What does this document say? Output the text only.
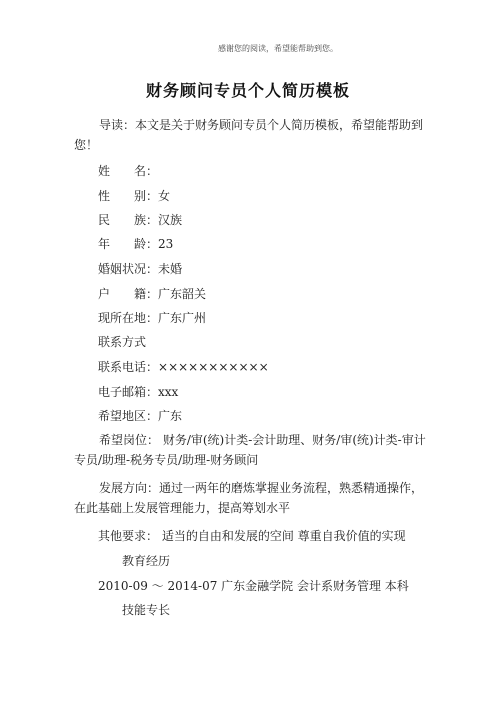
感谢您的阅读，希望能帮助到您。
财务顾问专员个人简历模板
导读：本文是关于财务顾问专员个人简历模板，希望能帮助到您！
姓　　名：
性　　别：女
民　　族：汉族
年　　龄：23
婚姻状况：未婚
户　　籍：广东韶关
现所在地：广东广州
联系方式
联系电话：×××××××××××
电子邮箱：xxx
希望地区：广东
希望岗位： 财务/审(统)计类-会计助理、财务/审(统)计类-审计专员/助理-税务专员/助理-财务顾问
发展方向：通过一两年的磨炼掌握业务流程，熟悉精通操作，在此基础上发展管理能力，提高筹划水平
其他要求： 适当的自由和发展的空间 尊重自我价值的实现
教育经历
2010-09 ～ 2014-07 广东金融学院 会计系财务管理 本科
技能专长
